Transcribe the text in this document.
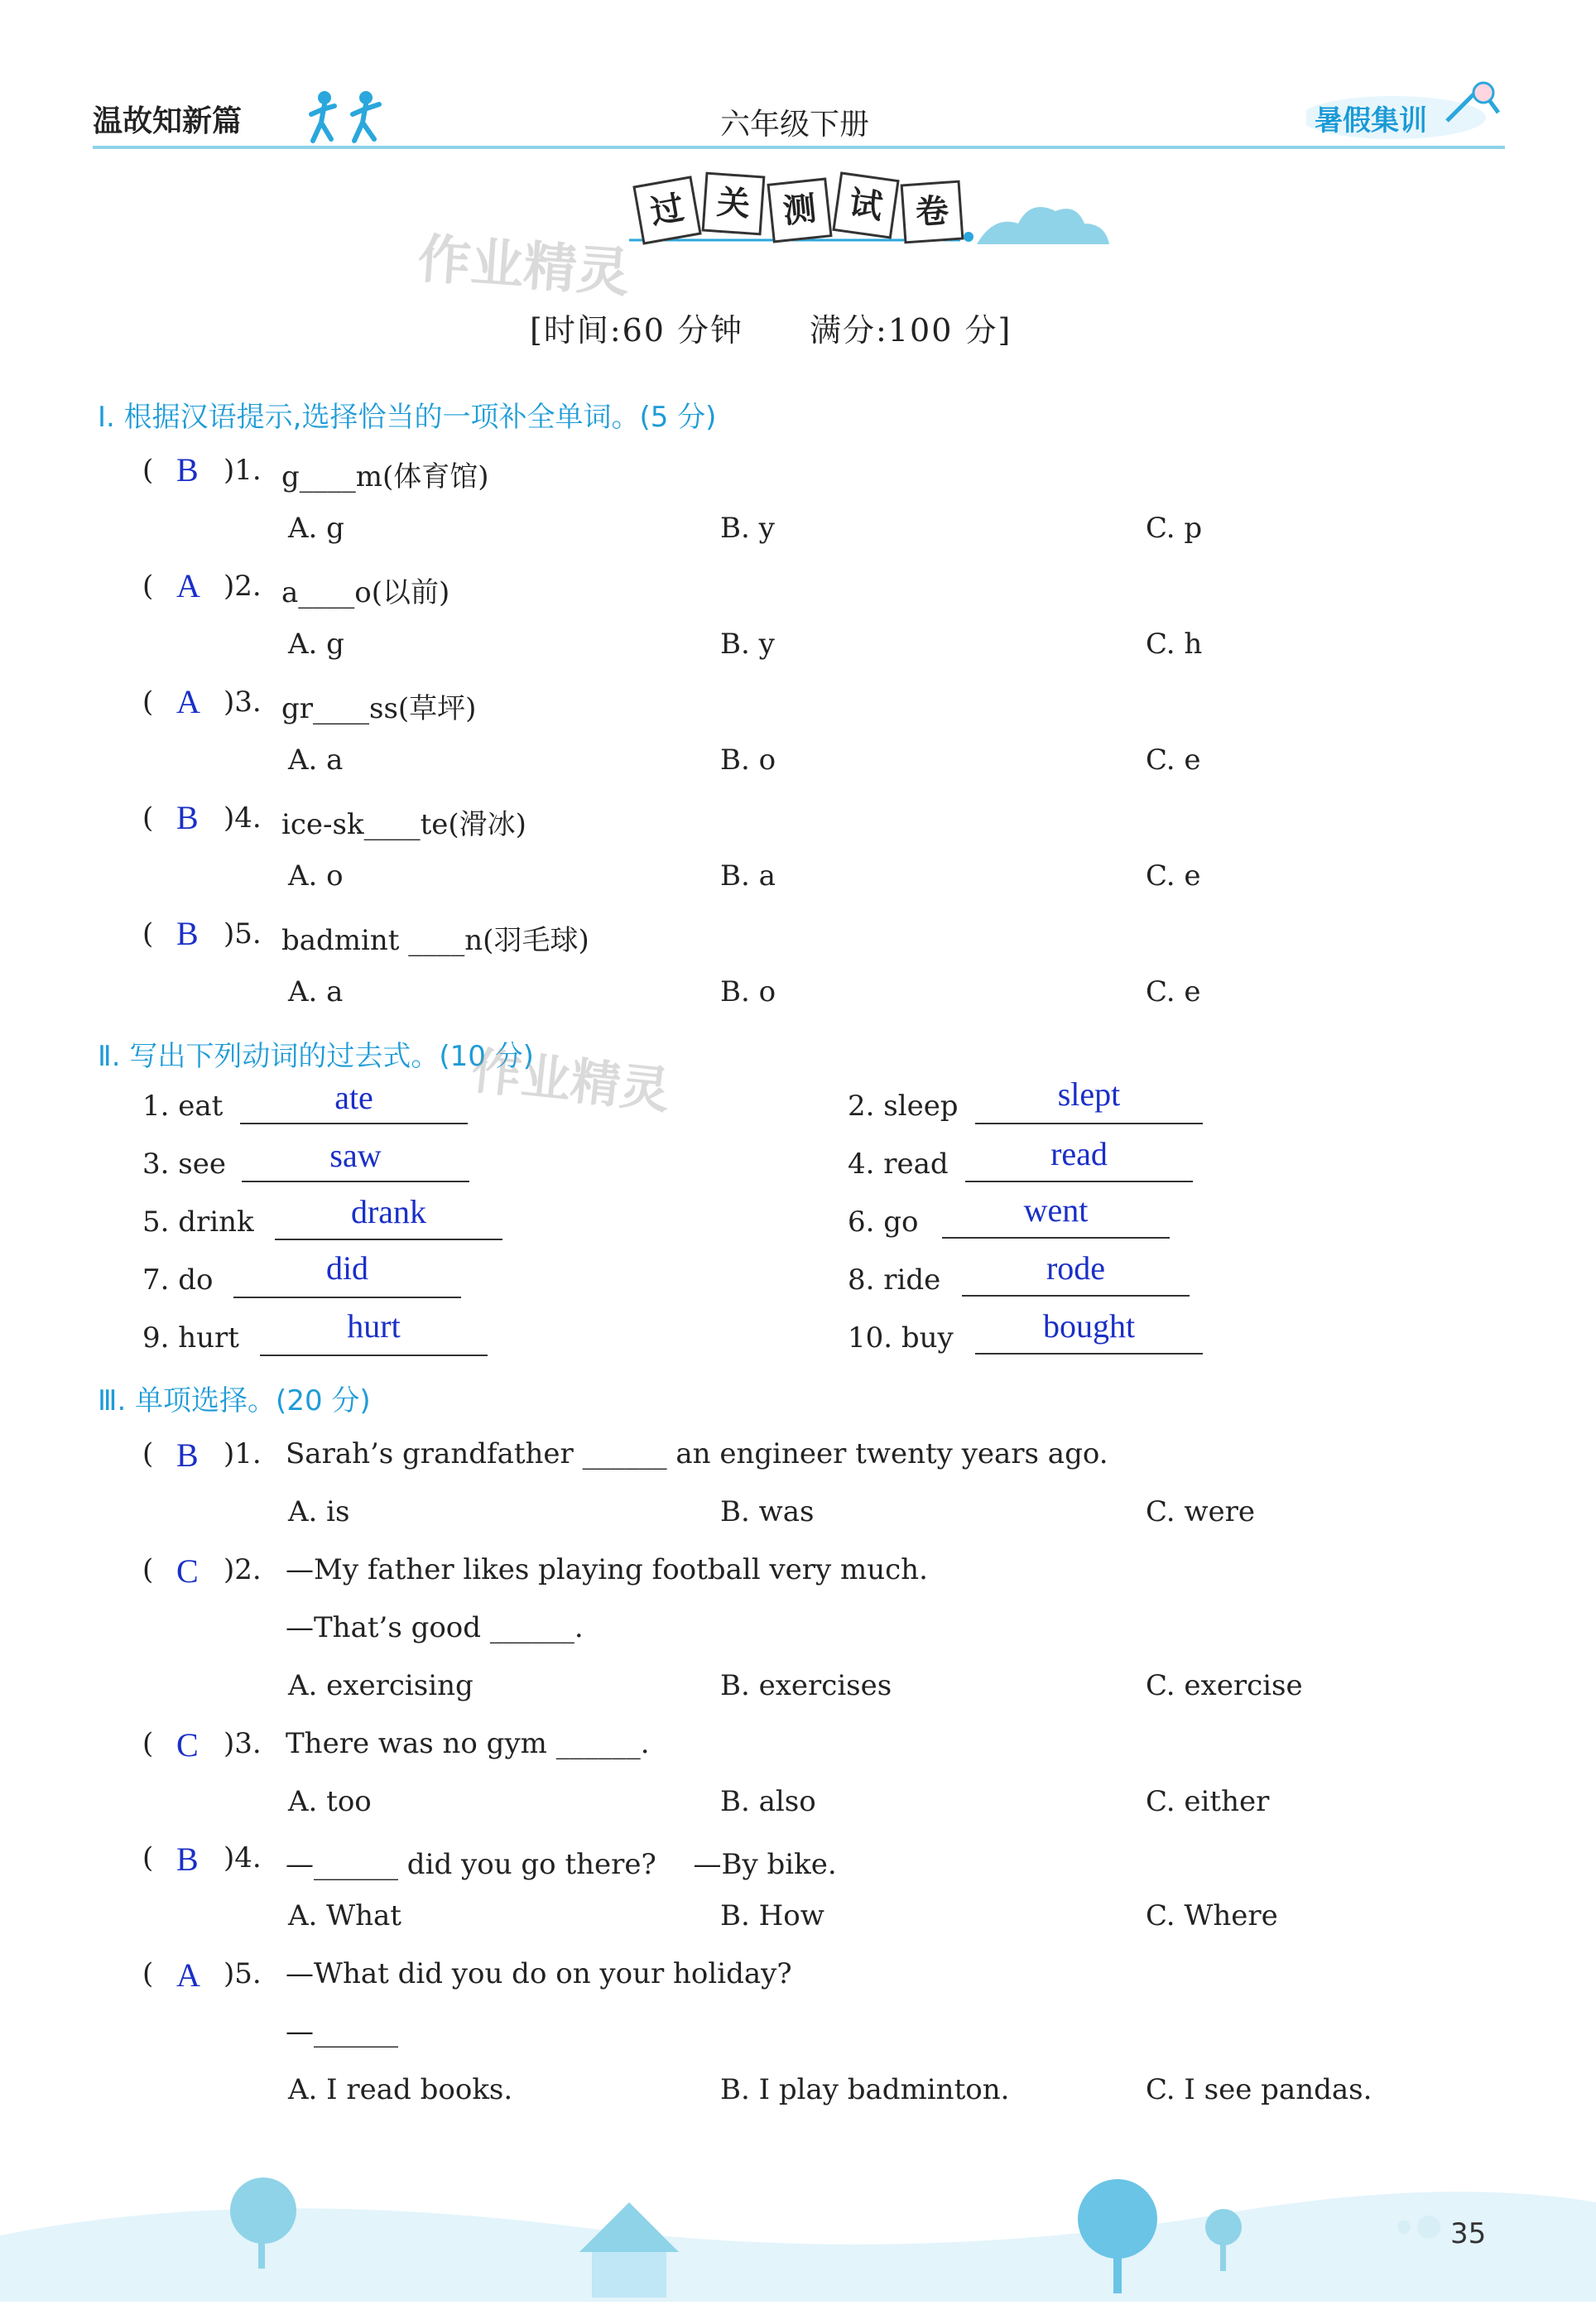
温故知新篇	六年级下册	暑假集训
过 关 测 试 卷
作业精灵
[时间:60 分钟　　满分:100 分]
Ⅰ. 根据汉语提示,选择恰当的一项补全单词。(5 分)
( B )1. g____m(体育馆)
A. g	B. y	C. p
( A )2. a____o(以前)
A. g	B. y	C. h
( A )3. gr____ss(草坪)
A. a	B. o	C. e
( B )4. ice-sk____te(滑冰)
A. o	B. a	C. e
( B )5. badmint ____n(羽毛球)
A. a	B. o	C. e
Ⅱ. 写出下列动词的过去式。(10 分)
作业精灵
1. eat	ate	2. sleep	slept
3. see	saw	4. read	read
5. drink	drank	6. go	went
7. do	did	8. ride	rode
9. hurt	hurt	10. buy	bought
Ⅲ. 单项选择。(20 分)
( B )1. Sarah’s grandfather ______ an engineer twenty years ago.
A. is	B. was	C. were
( C )2. —My father likes playing football very much.
—That’s good ______.
A. exercising	B. exercises	C. exercise
( C )3. There was no gym ______.
A. too	B. also	C. either
( B )4. —______ did you go there?　 —By bike.
A. What	B. How	C. Where
( A )5. —What did you do on your holiday?
—______
A. I read books.	B. I play badminton.	C. I see pandas.
35
